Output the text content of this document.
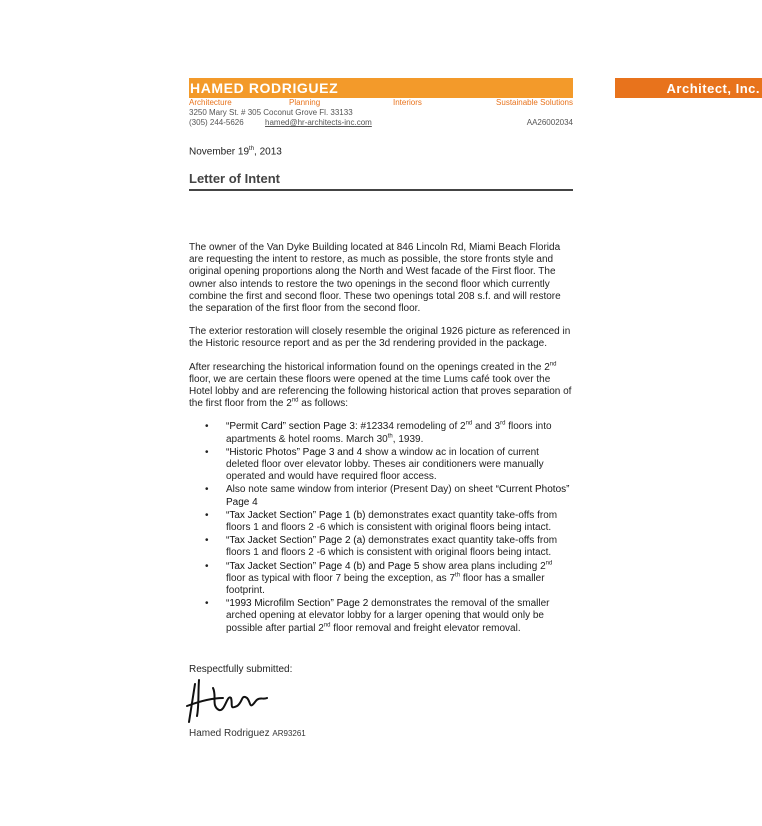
HAMED RODRIGUEZ	Architect, Inc.
Architecture	Planning	Interiors	Sustainable Solutions
3250 Mary St. # 305 Coconut Grove Fl. 33133
(305) 244-5626	hamed@hr-architects-inc.com	AA26002034
November 19th, 2013
Letter of Intent

The owner of the Van Dyke Building located at 846 Lincoln Rd, Miami Beach Florida are requesting the intent to restore, as much as possible, the store fronts style and original opening proportions along the North and West facade of the First floor. The owner also intends to restore the two openings in the second floor which currently combine the first and second floor. These two openings total 208 s.f. and will restore the separation of the first floor from the second floor.

The exterior restoration will closely resemble the original 1926 picture as referenced in the Historic resource report and as per the 3d rendering provided in the package.

After researching the historical information found on the openings created in the 2nd floor, we are certain these floors were opened at the time Lums café took over the Hotel lobby and are referencing the following historical action that proves separation of the first floor from the 2nd as follows:

• “Permit Card” section Page 3: #12334 remodeling of 2nd and 3rd floors into apartments & hotel rooms. March 30th, 1939.
• “Historic Photos” Page 3 and 4 show a window ac in location of current deleted floor over elevator lobby. Theses air conditioners were manually operated and would have required floor access.
• Also note same window from interior (Present Day) on sheet “Current Photos” Page 4
• “Tax Jacket Section” Page 1 (b) demonstrates exact quantity take-offs from floors 1 and floors 2 -6 which is consistent with original floors being intact.
• “Tax Jacket Section” Page 2 (a) demonstrates exact quantity take-offs from floors 1 and floors 2 -6 which is consistent with original floors being intact.
• “Tax Jacket Section” Page 4 (b) and Page 5 show area plans including 2nd floor as typical with floor 7 being the exception, as 7th floor has a smaller footprint.
• “1993 Microfilm Section” Page 2 demonstrates the removal of the smaller arched opening at elevator lobby for a larger opening that would only be possible after partial 2nd floor removal and freight elevator removal.
Respectfully submitted:
Hamed Rodriguez AR93261
